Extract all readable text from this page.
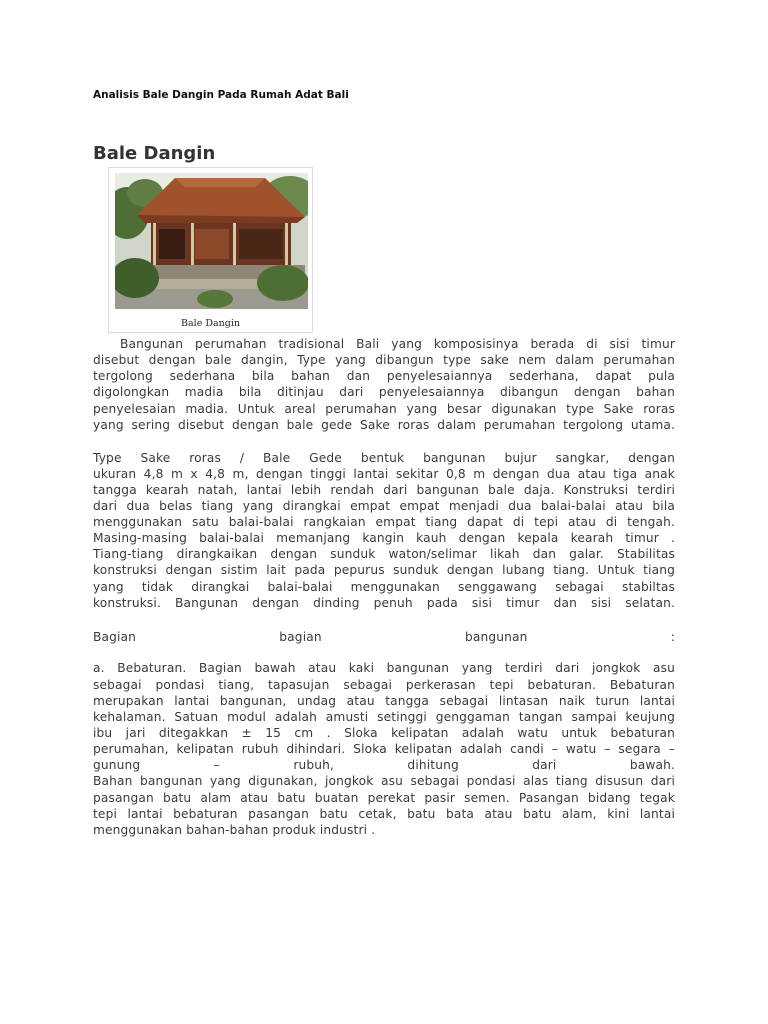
Analisis Bale Dangin Pada Rumah Adat Bali
Bale Dangin
Bale Dangin
Bangunan perumahan tradisional Bali yang komposisinya berada di sisi timur
disebut dengan bale dangin, Type yang dibangun type sake nem dalam perumahan
tergolong sederhana bila bahan dan penyelesaiannya sederhana, dapat pula
digolongkan madia bila ditinjau dari penyelesaiannya dibangun dengan bahan
penyelesaian madia. Untuk areal perumahan yang besar digunakan type Sake roras
yang sering disebut dengan bale gede Sake roras dalam perumahan tergolong utama.
Type Sake roras / Bale Gede bentuk bangunan bujur sangkar, dengan
ukuran 4,8 m x 4,8 m, dengan tinggi lantai sekitar 0,8 m dengan dua atau tiga anak
tangga kearah natah, lantai lebih rendah dari bangunan bale daja. Konstruksi terdiri
dari dua belas tiang yang dirangkai empat empat menjadi dua balai-balai atau bila
menggunakan satu balai-balai rangkaian empat tiang dapat di tepi atau di tengah.
Masing-masing balai-balai memanjang kangin kauh dengan kepala kearah timur .
Tiang-tiang dirangkaikan dengan sunduk waton/selimar likah dan galar. Stabilitas
konstruksi dengan sistim lait pada pepurus sunduk dengan lubang tiang. Untuk tiang
yang tidak dirangkai balai-balai menggunakan senggawang sebagai stabiltas
konstruksi. Bangunan dengan dinding penuh pada sisi timur dan sisi selatan.
Bagian bagian bangunan :
a. Bebaturan. Bagian bawah atau kaki bangunan yang terdiri dari jongkok asu
sebagai pondasi tiang, tapasujan sebagai perkerasan tepi bebaturan. Bebaturan
merupakan lantai bangunan, undag atau tangga sebagai lintasan naik turun lantai
kehalaman. Satuan modul adalah amusti setinggi genggaman tangan sampai keujung
ibu jari ditegakkan ± 15 cm . Sloka kelipatan adalah watu untuk bebaturan
perumahan, kelipatan rubuh dihindari. Sloka kelipatan adalah candi – watu – segara –
gunung – rubuh, dihitung dari bawah.
Bahan bangunan yang digunakan, jongkok asu sebagai pondasi alas tiang disusun dari
pasangan batu alam atau batu buatan perekat pasir semen. Pasangan bidang tegak
tepi lantai bebaturan pasangan batu cetak, batu bata atau batu alam, kini lantai
menggunakan bahan-bahan produk industri .
